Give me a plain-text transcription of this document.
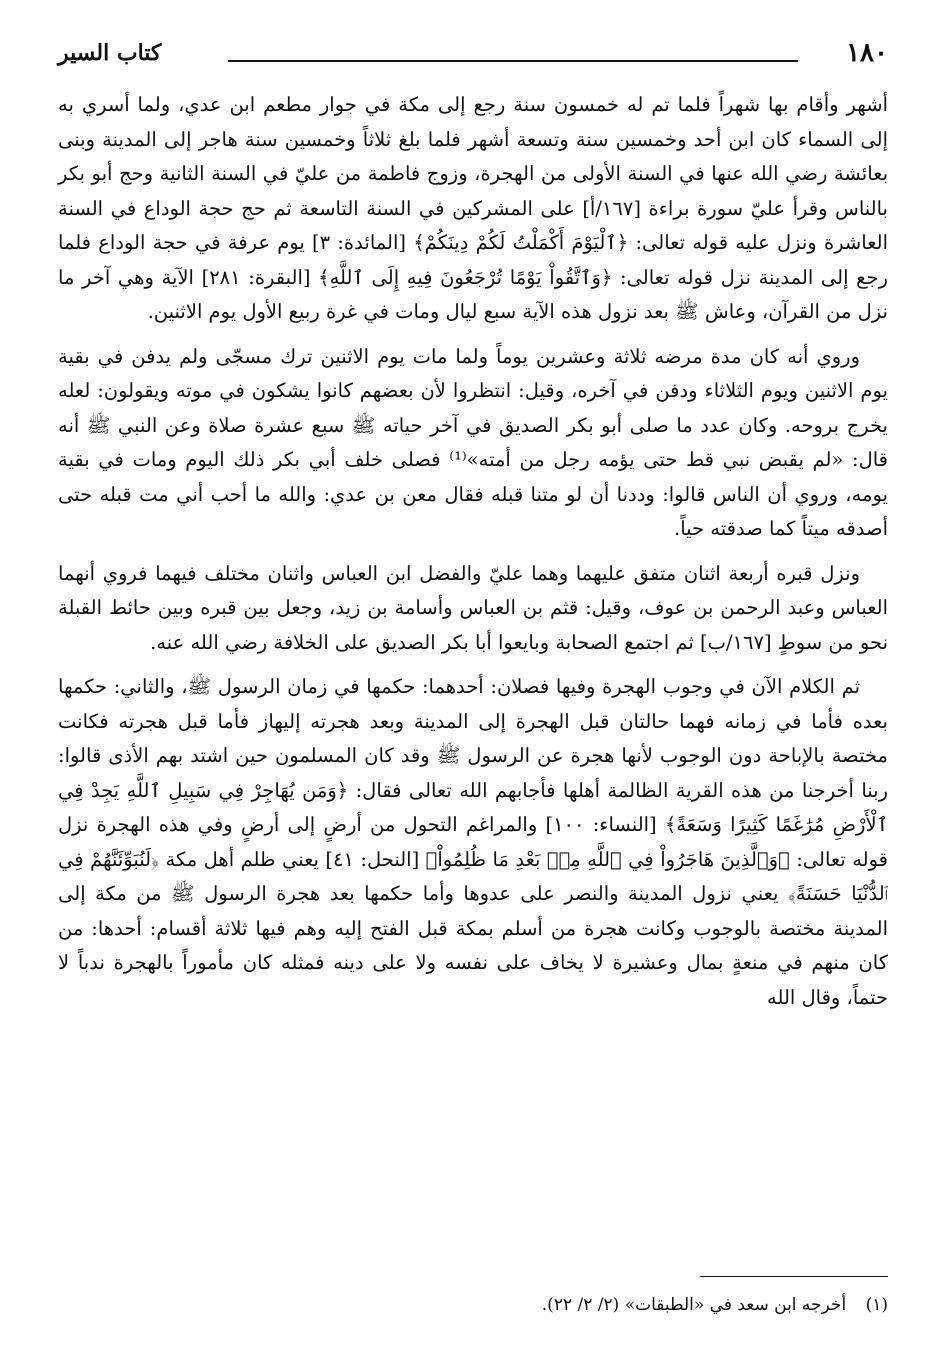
١٨٠
كتاب السير

أشهر وأقام بها شهراً فلما تم له خمسون سنة رجع إلى مكة في جوار مطعم ابن عدي، ولما أسري به إلى السماء كان ابن أحد وخمسين سنة وتسعة أشهر فلما بلغ ثلاثاً وخمسين سنة هاجر إلى المدينة وبنى بعائشة رضي الله عنها في السنة الأولى من الهجرة، وزوج فاطمة من عليّ في السنة الثانية وحج أبو بكر بالناس وقرأ عليّ سورة براءة [١٦٧/أ] على المشركين في السنة التاسعة ثم حج حجة الوداع في السنة العاشرة ونزل عليه قوله تعالى: ﴿ٱلْيَوْمَ أَكْمَلْتُ لَكُمْ دِينَكُمْ﴾ [المائدة: ٣] يوم عرفة في حجة الوداع فلما رجع إلى المدينة نزل قوله تعالى: ﴿وَٱتَّقُواْ يَوْمًا تُرْجَعُونَ فِيهِ إِلَى ٱللَّهِ﴾ [البقرة: ٢٨١] الآية وهي آخر ما نزل من القرآن، وعاش ﷺ بعد نزول هذه الآية سبع ليال ومات في غرة ربيع الأول يوم الاثنين.

وروي أنه كان مدة مرضه ثلاثة وعشرين يوماً ولما مات يوم الاثنين ترك مسجّى ولم يدفن في بقية يوم الاثنين ويوم الثلاثاء ودفن في آخره، وقيل: انتظروا لأن بعضهم كانوا يشكون في موته ويقولون: لعله يخرج بروحه. وكان عدد ما صلى أبو بكر الصديق في آخر حياته ﷺ سبع عشرة صلاة وعن النبي ﷺ أنه قال: «لم يقبض نبي قط حتى يؤمه رجل من أمته»⁽¹⁾ فصلى خلف أبي بكر ذلك اليوم ومات في بقية يومه، وروي أن الناس قالوا: وددنا أن لو متنا قبله فقال معن بن عدي: والله ما أحب أني مت قبله حتى أصدقه ميتاً كما صدقته حياً.

ونزل قبره أربعة اثنان متفق عليهما وهما عليّ والفضل ابن العباس واثنان مختلف فيهما فروي أنهما العباس وعبد الرحمن بن عوف، وقيل: قثم بن العباس وأسامة بن زيد، وجعل بين قبره وبين حائط القبلة نحو من سوطٍ [١٦٧/ب] ثم اجتمع الصحابة وبايعوا أبا بكر الصديق على الخلافة رضي الله عنه.

ثم الكلام الآن في وجوب الهجرة وفيها فصلان: أحدهما: حكمها في زمان الرسول ﷺ، والثاني: حكمها بعده فأما في زمانه فهما حالتان قبل الهجرة إلى المدينة وبعد هجرته إليهاز فأما قبل هجرته فكانت مختصة بالإباحة دون الوجوب لأنها هجرة عن الرسول ﷺ وقد كان المسلمون حين اشتد بهم الأذى قالوا: ربنا أخرجنا من هذه القرية الظالمة أهلها فأجابهم الله تعالى فقال: ﴿وَمَن يُهَاجِرْ فِي سَبِيلِ ٱللَّهِ يَجِدْ فِي ٱلْأَرْضِ مُرَٰغَمًا كَثِيرًا وَسَعَةً﴾ [النساء: ١٠٠] والمراغم التحول من أرضٍ إلى أرضٍ وفي هذه الهجرة نزل قوله تعالى: ﴿وَٱلَّذِينَ هَاجَرُواْ فِي ٱللَّهِ مِنۢ بَعْدِ مَا ظُلِمُواْ﴾ [النحل: ٤١] يعني ظلم أهل مكة ﴿لَنُبَوِّئَنَّهُمْ فِي ٱلدُّنْيَا حَسَنَةً﴾ يعني نزول المدينة والنصر على عدوها وأما حكمها بعد هجرة الرسول ﷺ من مكة إلى المدينة مختصة بالوجوب وكانت هجرة من أسلم بمكة قبل الفتح إليه وهم فيها ثلاثة أقسام: أحدها: من كان منهم في منعةٍ بمال وعشيرة لا يخاف على نفسه ولا على دينه فمثله كان مأموراً بالهجرة ندباً لا حتماً، وقال الله

(١) أخرجه ابن سعد في «الطبقات» (٢/ ٢/ ٢٢).
